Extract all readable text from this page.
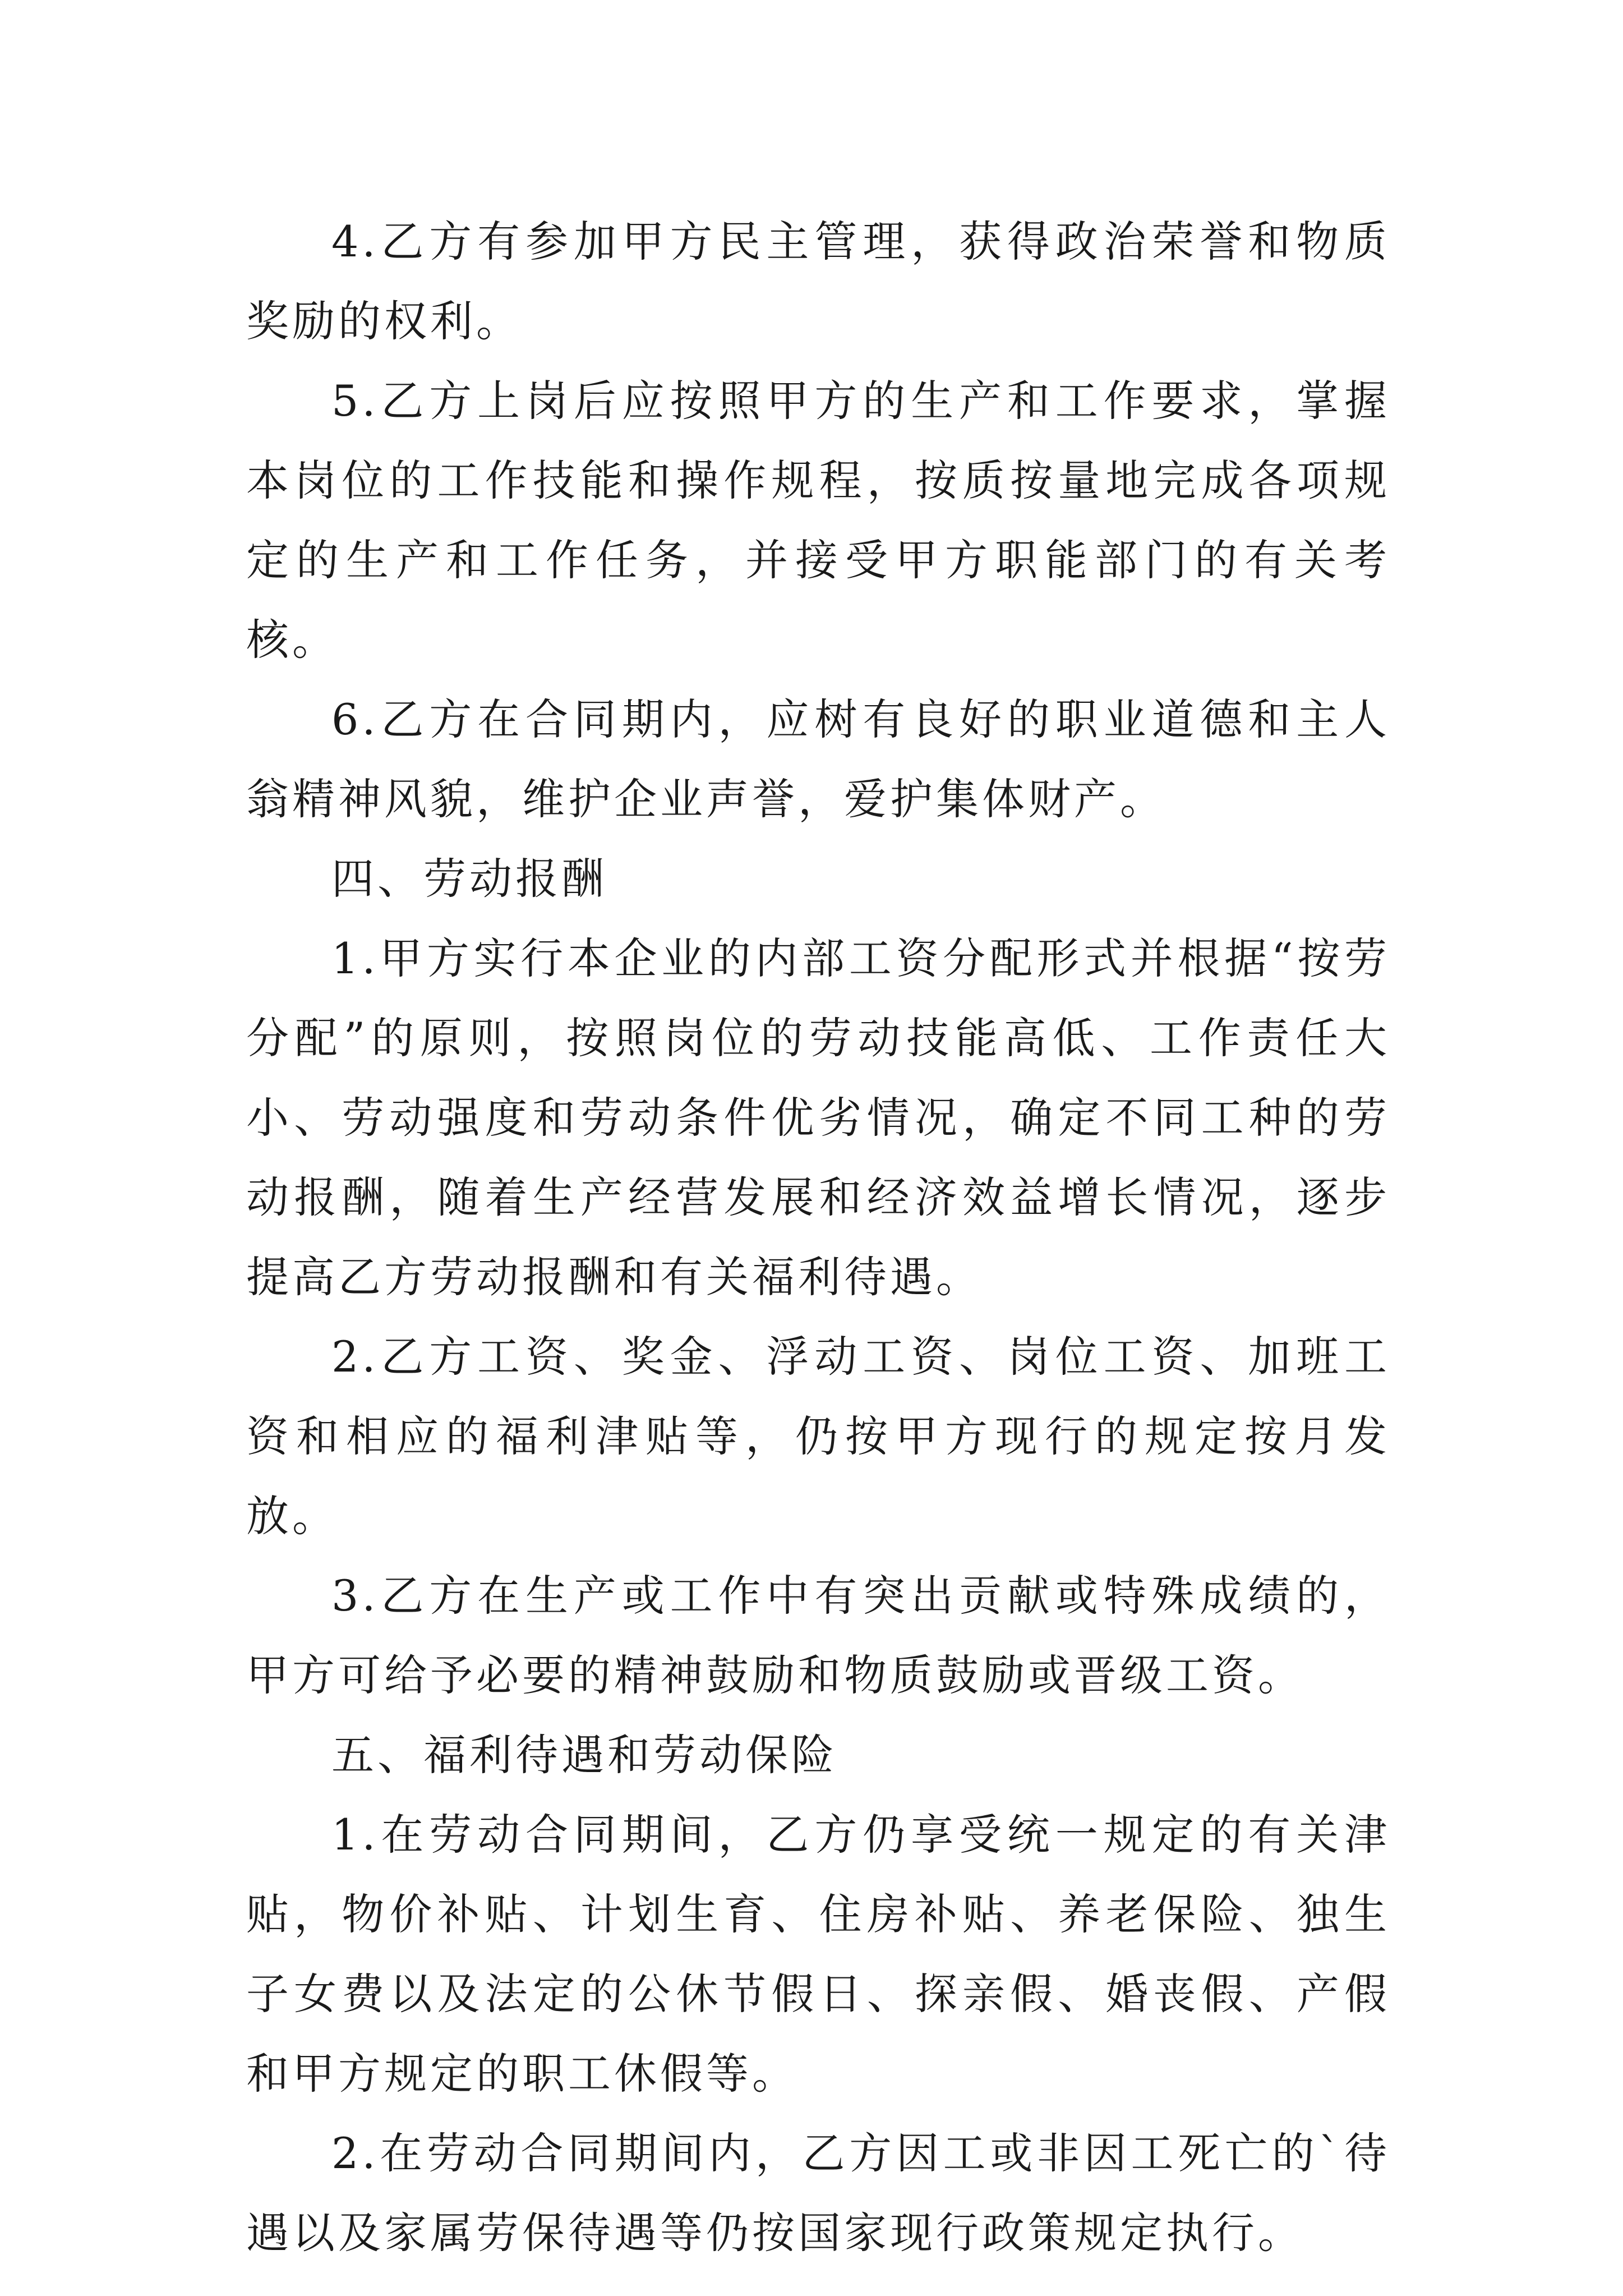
4.乙方有参加甲方民主管理，获得政治荣誉和物质奖励的权利。

5.乙方上岗后应按照甲方的生产和工作要求，掌握本岗位的工作技能和操作规程，按质按量地完成各项规定的生产和工作任务，并接受甲方职能部门的有关考核。

6.乙方在合同期内，应树有良好的职业道德和主人翁精神风貌，维护企业声誉，爱护集体财产。

四、劳动报酬

1.甲方实行本企业的内部工资分配形式并根据“按劳分配”的原则，按照岗位的劳动技能高低、工作责任大小、劳动强度和劳动条件优劣情况，确定不同工种的劳动报酬，随着生产经营发展和经济效益增长情况，逐步提高乙方劳动报酬和有关福利待遇。

2.乙方工资、奖金、浮动工资、岗位工资、加班工资和相应的福利津贴等，仍按甲方现行的规定按月发放。

3.乙方在生产或工作中有突出贡献或特殊成绩的，甲方可给予必要的精神鼓励和物质鼓励或晋级工资。

五、福利待遇和劳动保险

1.在劳动合同期间，乙方仍享受统一规定的有关津贴，物价补贴、计划生育、住房补贴、养老保险、独生子女费以及法定的公休节假日、探亲假、婚丧假、产假和甲方规定的职工休假等。

2.在劳动合同期间内，乙方因工或非因工死亡的`待遇以及家属劳保待遇等仍按国家现行政策规定执行。
